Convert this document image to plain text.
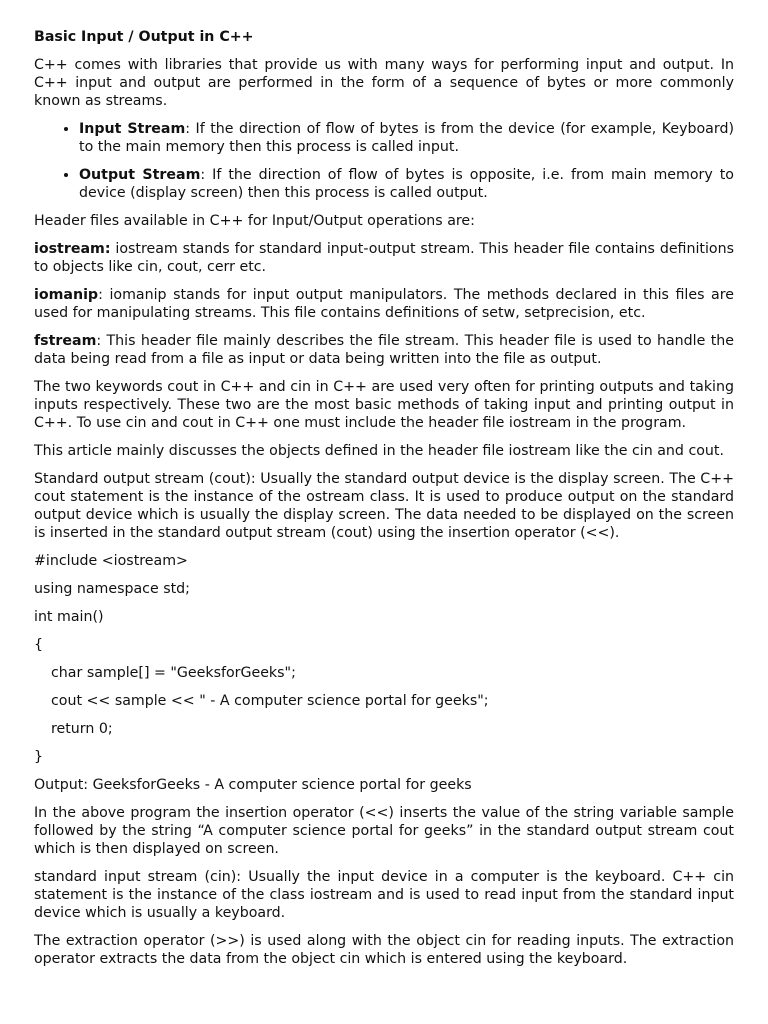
Basic Input / Output in C++

C++ comes with libraries that provide us with many ways for performing input and output. In C++ input and output are performed in the form of a sequence of bytes or more commonly known as streams.

• Input Stream: If the direction of flow of bytes is from the device (for example, Keyboard) to the main memory then this process is called input.
• Output Stream: If the direction of flow of bytes is opposite, i.e. from main memory to device (display screen) then this process is called output.

Header files available in C++ for Input/Output operations are:

iostream: iostream stands for standard input-output stream. This header file contains definitions to objects like cin, cout, cerr etc.

iomanip: iomanip stands for input output manipulators. The methods declared in this files are used for manipulating streams. This file contains definitions of setw, setprecision, etc.

fstream: This header file mainly describes the file stream. This header file is used to handle the data being read from a file as input or data being written into the file as output.

The two keywords cout in C++ and cin in C++ are used very often for printing outputs and taking inputs respectively. These two are the most basic methods of taking input and printing output in C++. To use cin and cout in C++ one must include the header file iostream in the program.

This article mainly discusses the objects defined in the header file iostream like the cin and cout.

Standard output stream (cout): Usually the standard output device is the display screen. The C++ cout statement is the instance of the ostream class. It is used to produce output on the standard output device which is usually the display screen. The data needed to be displayed on the screen is inserted in the standard output stream (cout) using the insertion operator (<<).

#include <iostream>

using namespace std;

int main()

{

char sample[] = "GeeksforGeeks";

cout << sample << " - A computer science portal for geeks";

return 0;

}

Output: GeeksforGeeks - A computer science portal for geeks

In the above program the insertion operator (<<) inserts the value of the string variable sample followed by the string “A computer science portal for geeks” in the standard output stream cout which is then displayed on screen.

standard input stream (cin): Usually the input device in a computer is the keyboard. C++ cin statement is the instance of the class iostream and is used to read input from the standard input device which is usually a keyboard.

The extraction operator (>>) is used along with the object cin for reading inputs. The extraction operator extracts the data from the object cin which is entered using the keyboard.
